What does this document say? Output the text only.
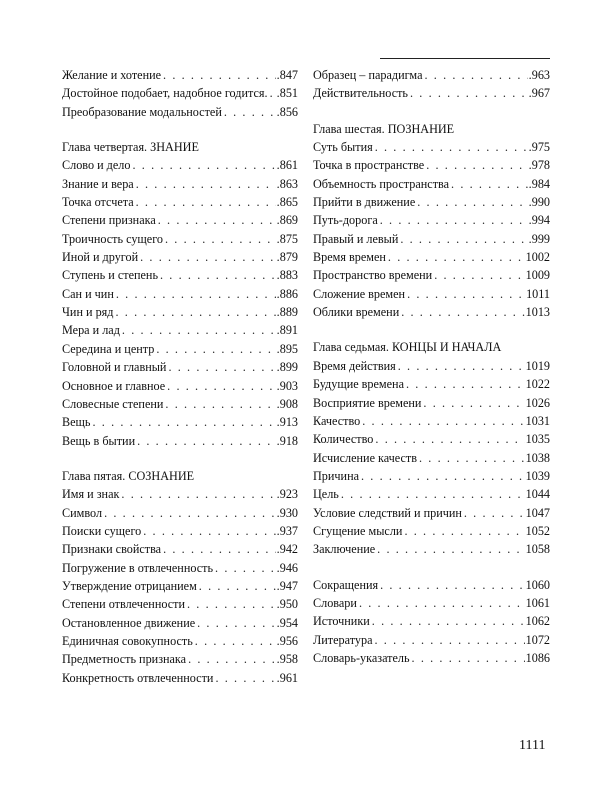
Желание и хотение . . .	.847
Достойное подобает, надобное годится. . . . .851
Преобразование модальностей . . .	.856
Глава четвертая. ЗНАНИЕ
Слово и дело . . .	.861
Знание и вера . . .	.863
Точка отсчета . . .	.865
Степени признака . . .	.869
Троичность сущего . . .	.875
Иной и другой . . .	.879
Ступень и степень . . .	.883
Сан и чин . . .	.886
Чин и ряд . . .	.889
Мера и лад . . .	.891
Середина и центр . . .	.895
Головной и главный . . .	.899
Основное и главное . . .	.903
Словесные степени . . .	.908
Вещь . . .	.913
Вещь в бытии . . .	.918
Глава пятая. СОЗНАНИЕ
Имя и знак . . .	.923
Символ . . .	.930
Поиски сущего . . .	.937
Признаки свойства . . .	.942
Погружение в отвлеченность . . .	.946
Утверждение отрицанием . . .	.947
Степени отвлеченности . . .	.950
Остановленное движение . . .	.954
Единичная совокупность . . .	.956
Предметность признака . . .	.958
Конкретность отвлеченности . . .	.961
Образец – парадигма . . .	.963
Действительность . . .	.967
Глава шестая. ПОЗНАНИЕ
Суть бытия . . .	.975
Точка в пространстве . . .	.978
Объемность пространства . . .	.984
Прийти в движение . . .	.990
Путь-дорога . . .	.994
Правый и левый . . .	.999
Время времен . . .	1002
Пространство времени . . .	1009
Сложение времен . . .	1011
Облики времени . . .	1013
Глава седьмая. КОНЦЫ И НАЧАЛА
Время действия . . .	1019
Будущие времена . . .	1022
Восприятие времени . . .	1026
Качество . . .	1031
Количество . . .	1035
Исчисление качеств . . .	1038
Причина . . .	1039
Цель . . .	1044
Условие следствий и причин . . .	1047
Сгущение мысли . . .	1052
Заключение . . .	1058
Сокращения . . .	1060
Словари . . .	1061
Источники . . .	1062
Литература . . .	1072
Словарь-указатель . . .	1086
1111
